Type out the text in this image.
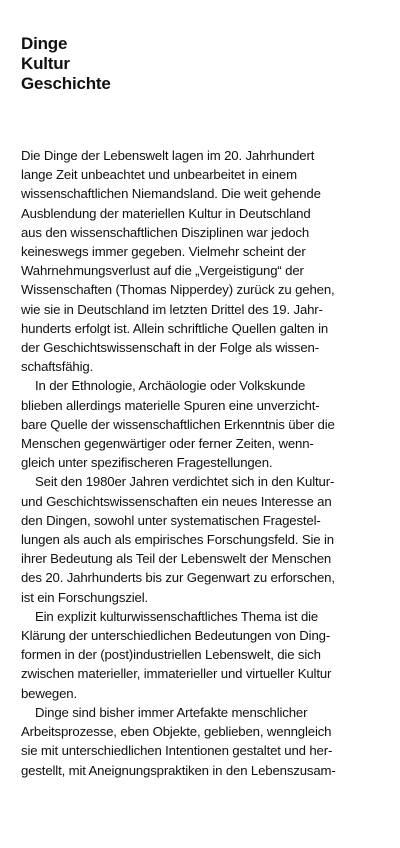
Dinge
Kultur
Geschichte
Die Dinge der Lebenswelt lagen im 20. Jahrhundert
lange Zeit unbeachtet und unbearbeitet in einem
wissenschaftlichen Niemandsland. Die weit gehende
Ausblendung der materiellen Kultur in Deutschland
aus den wissenschaftlichen Disziplinen war jedoch
keineswegs immer gegeben. Vielmehr scheint der
Wahrnehmungsverlust auf die „Vergeistigung“ der
Wissenschaften (Thomas Nipperdey) zurück zu gehen,
wie sie in Deutschland im letzten Drittel des 19. Jahr-
hunderts erfolgt ist. Allein schriftliche Quellen galten in
der Geschichtswissenschaft in der Folge als wissen-
schaftsfähig.
In der Ethnologie, Archäologie oder Volkskunde
blieben allerdings materielle Spuren eine unverzicht-
bare Quelle der wissenschaftlichen Erkenntnis über die
Menschen gegenwärtiger oder ferner Zeiten, wenn-
gleich unter spezifischeren Fragestellungen.
Seit den 1980er Jahren verdichtet sich in den Kultur-
und Geschichtswissenschaften ein neues Interesse an
den Dingen, sowohl unter systematischen Fragestel-
lungen als auch als empirisches Forschungsfeld. Sie in
ihrer Bedeutung als Teil der Lebenswelt der Menschen
des 20. Jahrhunderts bis zur Gegenwart zu erforschen,
ist ein Forschungsziel.
Ein explizit kulturwissenschaftliches Thema ist die
Klärung der unterschiedlichen Bedeutungen von Ding-
formen in der (post)industriellen Lebenswelt, die sich
zwischen materieller, immaterieller und virtueller Kultur
bewegen.
Dinge sind bisher immer Artefakte menschlicher
Arbeitsprozesse, eben Objekte, geblieben, wenngleich
sie mit unterschiedlichen Intentionen gestaltet und her-
gestellt, mit Aneignungspraktiken in den Lebenszusam-
